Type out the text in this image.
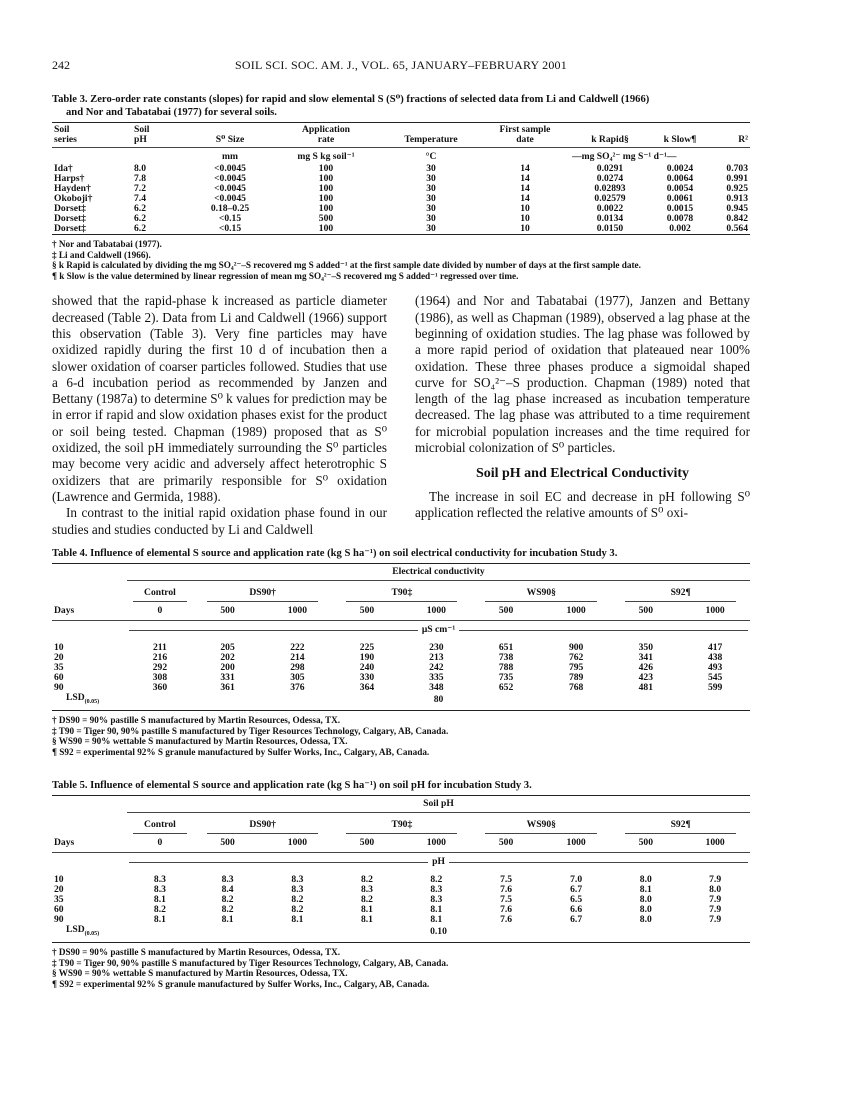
242	SOIL SCI. SOC. AM. J., VOL. 65, JANUARY–FEBRUARY 2001
Table 3. Zero-order rate constants (slopes) for rapid and slow elemental S (S⁰) fractions of selected data from Li and Caldwell (1966)
and Nor and Tabatabai (1977) for several soils.
Soil	Soil		Application		First sample			
series	pH	S⁰ Size	rate	Temperature	date	k Rapid§	k Slow¶	R²
		mm	mg S kg soil⁻¹	°C		—mg SO₄²⁻ mg S⁻¹ d⁻¹—		
Ida†	8.0	<0.0045	100	30	14	0.0291	0.0024	0.703
Harps†	7.8	<0.0045	100	30	14	0.0274	0.0064	0.991
Hayden†	7.2	<0.0045	100	30	14	0.02893	0.0054	0.925
Okoboji†	7.4	<0.0045	100	30	14	0.02579	0.0061	0.913
Dorset‡	6.2	0.18–0.25	100	30	10	0.0022	0.0015	0.945
Dorset‡	6.2	<0.15	500	30	10	0.0134	0.0078	0.842
Dorset‡	6.2	<0.15	100	30	10	0.0150	0.002	0.564
† Nor and Tabatabai (1977).
‡ Li and Caldwell (1966).
§ k Rapid is calculated by dividing the mg SO₄²⁻–S recovered mg S added⁻¹ at the first sample date divided by number of days at the first sample date.
¶ k Slow is the value determined by linear regression of mean mg SO₄²⁻–S recovered mg S added⁻¹ regressed over time.

showed that the rapid-phase k increased as particle diameter decreased (Table 2). Data from Li and Caldwell (1966) support this observation (Table 3). Very fine particles may have oxidized rapidly during the first 10 d of incubation then a slower oxidation of coarser particles followed. Studies that use a 6-d incubation period as recommended by Janzen and Bettany (1987a) to determine S⁰ k values for prediction may be in error if rapid and slow oxidation phases exist for the product or soil being tested. Chapman (1989) proposed that as S⁰ oxidized, the soil pH immediately surrounding the S⁰ particles may become very acidic and adversely affect heterotrophic S oxidizers that are primarily responsible for S⁰ oxidation (Lawrence and Germida, 1988).

In contrast to the initial rapid oxidation phase found in our studies and studies conducted by Li and Caldwell

(1964) and Nor and Tabatabai (1977), Janzen and Bettany (1986), as well as Chapman (1989), observed a lag phase at the beginning of oxidation studies. The lag phase was followed by a more rapid period of oxidation that plateaued near 100% oxidation. These three phases produce a sigmoidal shaped curve for SO₄²⁻–S production. Chapman (1989) noted that length of the lag phase increased as incubation temperature decreased. The lag phase was attributed to a time requirement for microbial population increases and the time required for microbial colonization of S⁰ particles.

Soil pH and Electrical Conductivity

The increase in soil EC and decrease in pH following S⁰ application reflected the relative amounts of S⁰ oxi-

Table 4. Influence of elemental S source and application rate (kg S ha⁻¹) on soil electrical conductivity for incubation Study 3.
	Electrical conductivity								

	Control	DS90†		T90‡		WS90§		S92¶	

Days	0	500	1000	500	1000	500	1000	500	1000

	μS cm⁻¹								

10	211	205	222	225	230	651	900	350	417
20	216	202	214	190	213	738	762	341	438
35	292	200	298	240	242	788	795	426	493
60	308	331	305	330	335	735	789	423	545
90	360	361	376	364	348	652	768	481	599
$LSD_{(0.05)}$	80								
† DS90 = 90% pastille S manufactured by Martin Resources, Odessa, TX.
‡ T90 = Tiger 90, 90% pastille S manufactured by Tiger Resources Technology, Calgary, AB, Canada.
§ WS90 = 90% wettable S manufactured by Martin Resources, Odessa, TX.
¶ S92 = experimental 92% S granule manufactured by Sulfer Works, Inc., Calgary, AB, Canada.
Table 5. Influence of elemental S source and application rate (kg S ha⁻¹) on soil pH for incubation Study 3.
	Soil pH								

	Control	DS90†		T90‡		WS90§		S92¶	

Days	0	500	1000	500	1000	500	1000	500	1000

	pH								

10	8.3	8.3	8.3	8.2	8.2	7.5	7.0	8.0	7.9
20	8.3	8.4	8.3	8.3	8.3	7.6	6.7	8.1	8.0
35	8.1	8.2	8.2	8.2	8.3	7.5	6.5	8.0	7.9
60	8.2	8.2	8.2	8.1	8.1	7.6	6.6	8.0	7.9
90	8.1	8.1	8.1	8.1	8.1	7.6	6.7	8.0	7.9
$LSD_{(0.05)}$	0.10								
† DS90 = 90% pastille S manufactured by Martin Resources, Odessa, TX.
‡ T90 = Tiger 90, 90% pastille S manufactured by Tiger Resources Technology, Calgary, AB, Canada.
§ WS90 = 90% wettable S manufactured by Martin Resources, Odessa, TX.
¶ S92 = experimental 92% S granule manufactured by Sulfer Works, Inc., Calgary, AB, Canada.
